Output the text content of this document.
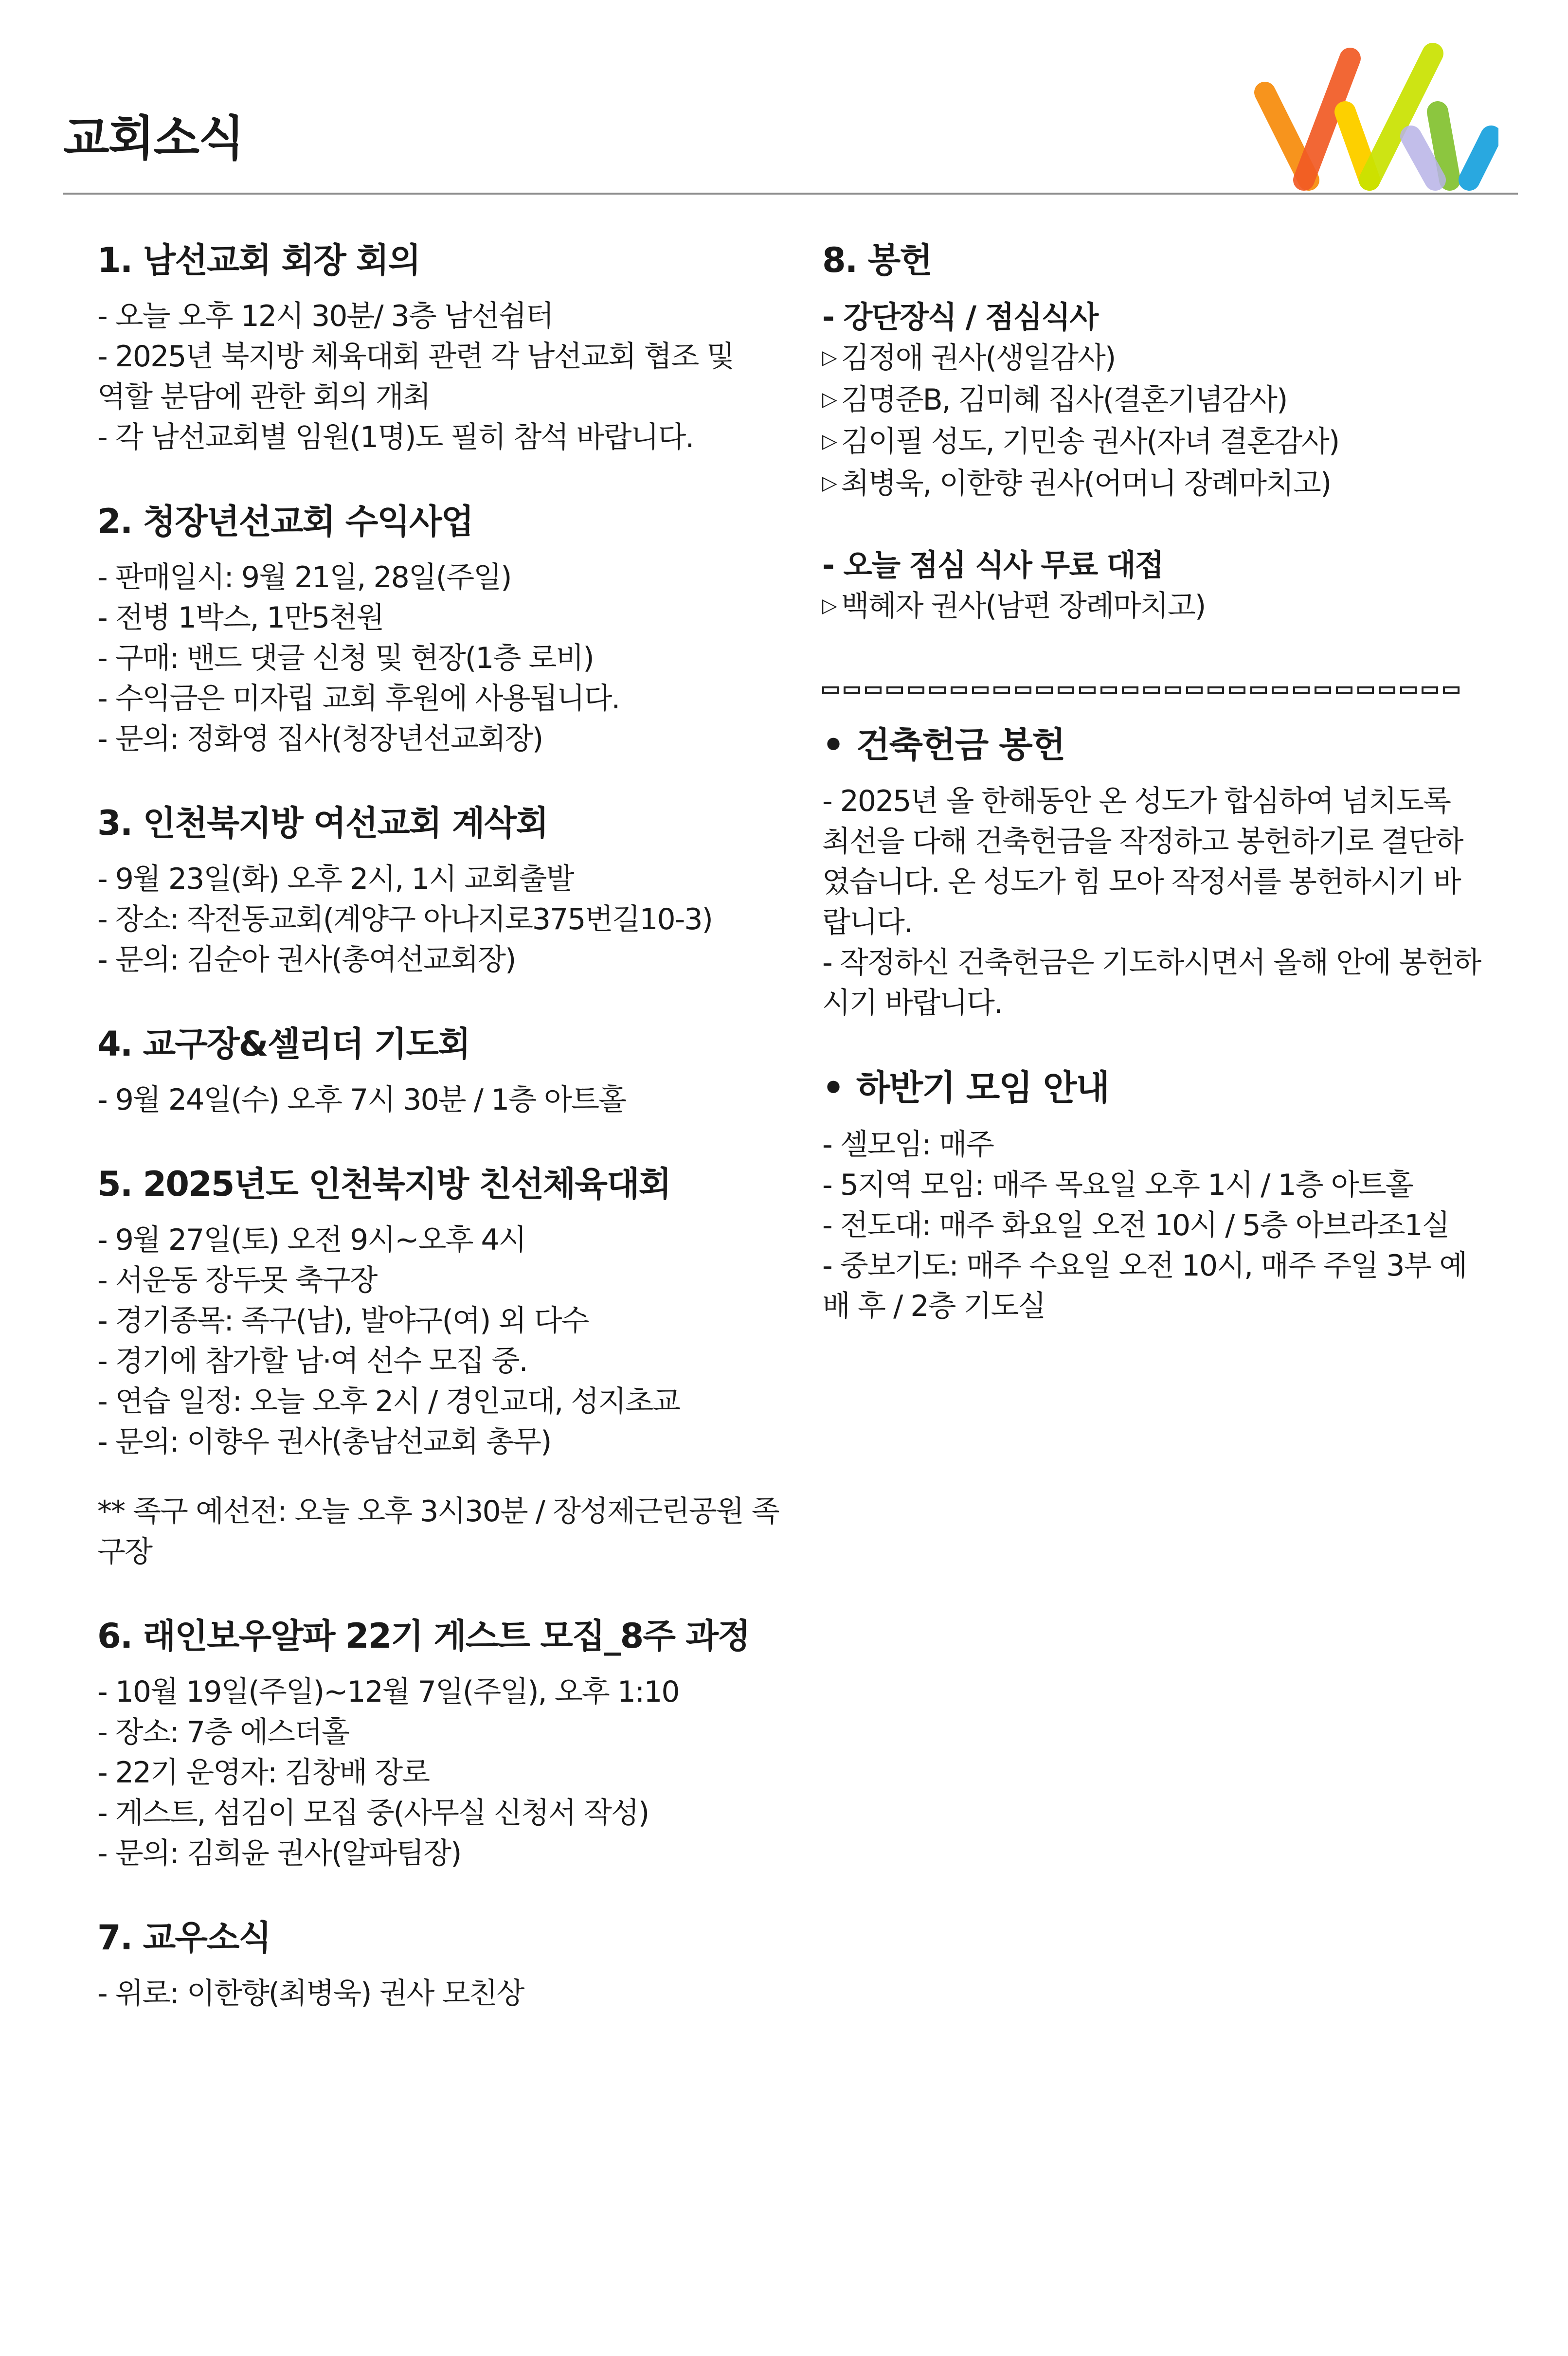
교회소식
1. 남선교회 회장 회의
- 오늘 오후 12시 30분/ 3층 남선쉼터
- 2025년 북지방 체육대회 관련 각 남선교회 협조 및
역할 분담에 관한 회의 개최
- 각 남선교회별 임원(1명)도 필히 참석 바랍니다.
2. 청장년선교회 수익사업
- 판매일시: 9월 21일, 28일(주일)
- 전병 1박스, 1만5천원
- 구매: 밴드 댓글 신청 및 현장(1층 로비)
- 수익금은 미자립 교회 후원에 사용됩니다.
- 문의: 정화영 집사(청장년선교회장)
3. 인천북지방 여선교회 계삭회
- 9월 23일(화) 오후 2시, 1시 교회출발
- 장소: 작전동교회(계양구 아나지로375번길10-3)
- 문의: 김순아 권사(총여선교회장)
4. 교구장&셀리더 기도회
- 9월 24일(수) 오후 7시 30분 / 1층 아트홀
5. 2025년도 인천북지방 친선체육대회
- 9월 27일(토) 오전 9시~오후 4시
- 서운동 장두못 축구장
- 경기종목: 족구(남), 발야구(여) 외 다수
- 경기에 참가할 남·여 선수 모집 중.
- 연습 일정: 오늘 오후 2시 / 경인교대, 성지초교
- 문의: 이향우 권사(총남선교회 총무)
** 족구 예선전: 오늘 오후 3시30분 / 장성제근린공원 족구장
6. 래인보우알파 22기 게스트 모집_8주 과정
- 10월 19일(주일)~12월 7일(주일), 오후 1:10
- 장소: 7층 에스더홀
- 22기 운영자: 김창배 장로
- 게스트, 섬김이 모집 중(사무실 신청서 작성)
- 문의: 김희윤 권사(알파팀장)
7. 교우소식
- 위로: 이한향(최병욱) 권사 모친상
8. 봉헌
- 강단장식 / 점심식사
▷ 김정애 권사(생일감사)
▷ 김명준B, 김미혜 집사(결혼기념감사)
▷ 김이필 성도, 기민송 권사(자녀 결혼감사)
▷ 최병욱, 이한향 권사(어머니 장례마치고)
- 오늘 점심 식사 무료 대접
▷ 백혜자 권사(남편 장례마치고)
• 건축헌금 봉헌
- 2025년 올 한해동안 온 성도가 합심하여 넘치도록 최선을 다해 건축헌금을 작정하고 봉헌하기로 결단하였습니다. 온 성도가 힘 모아 작정서를 봉헌하시기 바랍니다.
- 작정하신 건축헌금은 기도하시면서 올해 안에 봉헌하시기 바랍니다.
• 하반기 모임 안내
- 셀모임: 매주
- 5지역 모임: 매주 목요일 오후 1시 / 1층 아트홀
- 전도대: 매주 화요일 오전 10시 / 5층 아브라조1실
- 중보기도: 매주 수요일 오전 10시, 매주 주일 3부 예배 후 / 2층 기도실
